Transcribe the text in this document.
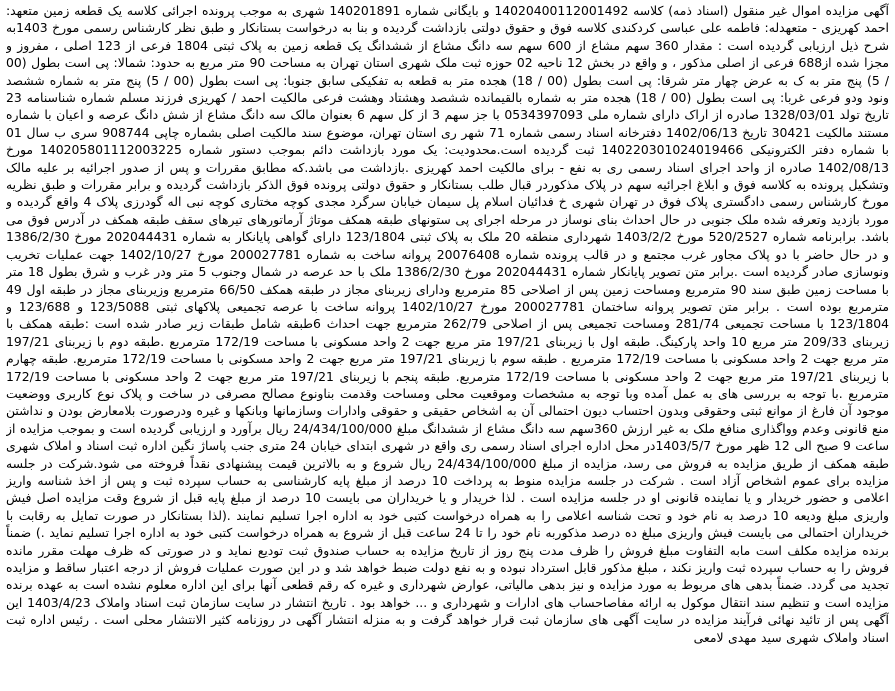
آگهی مزایده اموال غیر منقول (اسناد ذمه) کلاسه 14020400112001492 و بایگانی شماره 140201891 شهری به موجب پرونده اجرائی کلاسه یک قطعه زمین متعهد: احمد کهریزی - متعهدله: فاطمه علی عباسی کردکندی کلاسه فوق و حقوق دولتی بازداشت گردیده و بنا به درخواست بستانکار و طبق نظر کارشناس رسمی مورخ 1403به شرح ذیل ارزیابی گردیده است : مقدار 360 سهم مشاع از 600 سهم سه دانگ مشاع از ششدانگ یک قطعه زمین به پلاک ثبتی 1804 فرعی از 123 اصلی ، مفروز و مجزا شده از688 فرعی از اصلی مذکور ، و واقع در بخش 12 ناحیه 02 حوزه ثبت ملک شهری استان تهران به مساحت 90 متر مربع به حدود: شمالا: پی است بطول (00 / 5) پنج متر به ک به عرض چهار متر شرقا: پی است بطول (00 / 18) هجده متر به قطعه به تفکیکی سابق جنوبا: پی است بطول (00 / 5) پنج متر به شماره ششصد ونود ودو فرعی غربا: پی است بطول (00 / 18) هجده متر به شماره بالقیمانده ششصد وهشتاد وهشت فرعی مالکیت احمد / کهریزی فرزند مسلم شماره شناسنامه 23 تاریخ تولد 1328/03/01 صادره از اراک دارای شماره ملی 0534397093 با جز سهم 3 از کل سهم 6 بعنوان مالک سه دانگ مشاع از شش دانگ عرصه و اعیان با شماره مستند مالکیت 30421 تاریخ 1402/06/13 دفترخانه اسناد رسمی شماره 71 شهر ری استان تهران، موضوع سند مالکیت اصلی بشماره چاپی 908744 سری ب سال 01 با شماره دفتر الکترونیکی 140220301024019466 ثبت گردیده است.محدودیت: یک مورد بازداشت دائم بموجب دستور شماره 140205801112003225 مورخ 1402/08/13 صادره از واحد اجرای اسناد رسمی ری به نفع - برای مالکیت احمد کهریزی .بازداشت می باشد.که مطابق مقررات و پس از صدور اجرائیه بر علیه مالک وتشکیل پرونده به کلاسه فوق و ابلاغ اجرائیه سهم در پلاک مذکوردر قبال طلب بستانکار و حقوق دولتی پرونده فوق الذکر بازداشت گردیده و برابر مقررات و طبق نظریه مورخ کارشناس رسمی دادگستری پلاک فوق در تهران شهری خ فدائیان اسلام پل سیمان خیابان سرگرد مجدی کوچه مختاری کوچه نبی اله گودرزی پلاک 4 واقع گردیده و مورد بازدید وتعرفه شده ملک جنوبی در حال احداث بنای نوساز در مرحله اجرای پی ستونهای طبقه همکف موتاژ آرماتورهای تیرهای سقف طبقه همکف در آدرس فوق می باشد. برابرنامه شماره 520/2527 مورخ 1403/2/2 شهرداری منطقه 20 ملک به پلاک ثبتی 123/1804 دارای گواهی پایانکار به شماره 202044431 مورخ 1386/2/30 و در حال حاضر با دو پلاک مجاور غرب مجتمع و در قالب پرونده شماره 20076408 پروانه ساخت به شماره 200027781 مورخ 1402/10/27 جهت عملیات تخریب ونوسازی صادر گردیده است .برابر متن تصویر پایانکار شماره 202044431 مورخ 1386/2/30 ملک با حد عرصه در شمال وجنوب 5 متر ودر غرب و شرق بطول 18 متر با مساحت زمین طبق سند 90 مترمربع ومساحت زمین پس از اصلاحی 85 مترمربع ودارای زیربنای مجاز در طبقه همکف 66/50 مترمربع وزیربنای مجاز در طبقه اول 49 مترمربع بوده است . برابر متن تصویر پروانه ساختمان 200027781 مورخ 1402/10/27 پروانه ساخت با عرصه تجمیعی پلاکهای ثبتی 123/5088 و 123/688 و 123/1804 با مساحت تجمیعی 281/74 ومساحت تجمیعی پس از اصلاحی 262/79 مترمربع جهت احداث 6طبقه شامل طبقات زیر صادر شده است :طبقه همکف با زیربنای 209/33 متر مربع 10 واحد پارکینگ. طبقه اول با زیربنای 197/21 متر مربع جهت 2 واحد مسکونی با مساحت 172/19 مترمربع .طبقه دوم با زیربنای 197/21 متر مربع جهت 2 واحد مسکونی با مساحت 172/19 مترمربع . طبقه سوم با زیربنای 197/21 متر مربع جهت 2 واحد مسکونی با مساحت 172/19 مترمربع. طبقه چهارم با زیربنای 197/21 متر مربع جهت 2 واحد مسکونی با مساحت 172/19 مترمربع. طبقه پنجم با زیربنای 197/21 متر مربع جهت 2 واحد مسکونی با مساحت 172/19 مترمربع .با توجه به بررسی های به عمل آمده وبا توجه به مشخصات وموقعیت محلی ومساحت وقدمت بناونوع مصالح مصرفی در ساخت و پلاک نوع کاربری ووضعیت موجود آن فارغ از موانع ثبتی وحقوقی وبدون احتساب دیون احتمالی آن به اشخاص حقیقی و حقوقی وادارات وسازمانها وبانکها و غیره ودرصورت بلامعارض بودن و نداشتن منع قانونی وعدم وواگذاری منافع ملک به غیر ارزش 360سهم سه دانگ مشاع از ششدانگ مبلغ 24/434/100/000 ریال برآورد و ارزیابی گردیده است و بموجب مزایده از ساعت 9 صبح الی 12 ظهر مورخ 1403/5/7در محل اداره اجرای اسناد رسمی ری واقع در شهری ابتدای خیابان 24 متری جنب پاساژ نگین اداره ثبت اسناد و املاک شهری طبقه همکف از طریق مزایده به فروش می رسد، مزایده از مبلغ 24/434/100/000 ریال شروع و به بالاترین قیمت پیشنهادی نقداً فروخته می شود.شرکت در جلسه مزایده برای عموم اشخاص آزاد است . شرکت در جلسه مزایده منوط به پرداخت 10 درصد از مبلغ پایه کارشناسی به حساب سپرده ثبت و پس از اخذ شناسه واریز اعلامی و حضور خریدار و یا نماینده قانونی او در جلسه مزایده است . لذا خریدار و یا خریداران می بایست 10 درصد از مبلغ پایه قبل از شروع وقت مزایده اصل فیش واریزی مبلغ ودیعه 10 درصد به نام خود و تحت شناسه اعلامی را به همراه درخواست کتبی خود به اداره اجرا تسلیم نمایند .(لذا بستانکار در صورت تمایل به رقابت با خریداران احتمالی می بایست فیش واریزی مبلغ ده درصد مذکوربه نام خود را تا 24 ساعت قبل از شروع به همراه درخواست کتبی خود به اداره اجرا تسلیم نماید .) ضمناً برنده مزایده مکلف است مابه التفاوت مبلغ فروش را ظرف مدت پنج روز از تاریخ مزایده به حساب صندوق ثبت تودیع نماید و در صورتی که ظرف مهلت مقرر مانده فروش را به حساب سپرده ثبت واریز نکند ، مبلغ مذکور قابل استرداد نبوده و به نفع دولت ضبط خواهد شد و در این صورت عملیات فروش از درجه اعتبار ساقط و مزایده تجدید می گردد. ضمناً بدهی های مربوط به مورد مزایده و نیز بدهی مالیاتی، عوارض شهرداری و غیره که رقم قطعی آنها برای این اداره معلوم نشده است به عهده برنده مزایده است و تنظیم سند انتقال موکول به ارائه مفاصاحساب های ادارات و شهرداری و ... خواهد بود . تاریخ انتشار در سایت سازمان ثبت اسناد واملاک 1403/4/23 این آگهی پس از تائید نهائی فرآیند مزایده در سایت آگهی های سازمان ثبت قرار خواهد گرفت و به منزله انتشار آگهی در روزنامه کثیر الانتشار محلی است . رئیس اداره ثبت اسناد واملاک شهری سید مهدی لامعی
